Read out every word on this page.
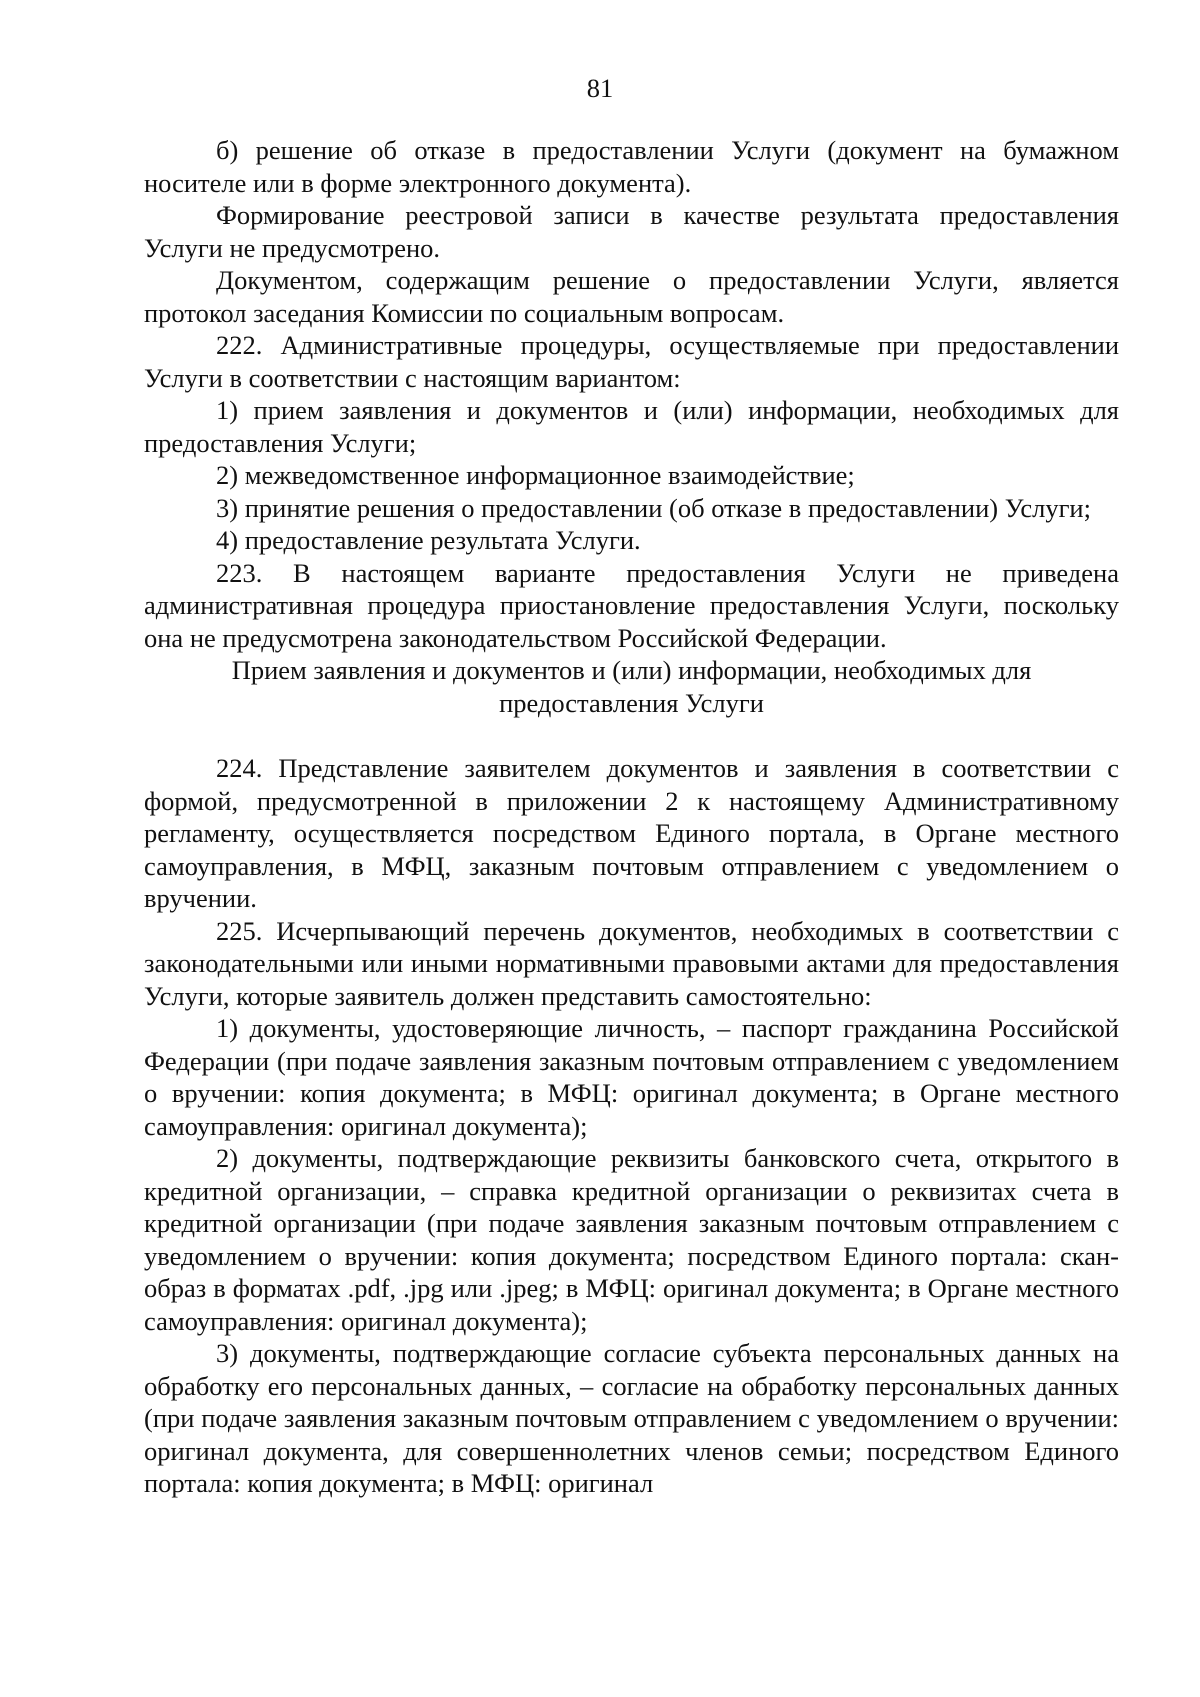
81

б) решение об отказе в предоставлении Услуги (документ на бумажном носителе или в форме электронного документа).

Формирование реестровой записи в качестве результата предоставления Услуги не предусмотрено.

Документом, содержащим решение о предоставлении Услуги, является протокол заседания Комиссии по социальным вопросам.

222. Административные процедуры, осуществляемые при предоставлении Услуги в соответствии с настоящим вариантом:

1) прием заявления и документов и (или) информации, необходимых для предоставления Услуги;

2) межведомственное информационное взаимодействие;

3) принятие решения о предоставлении (об отказе в предоставлении) Услуги;

4) предоставление результата Услуги.

223. В настоящем варианте предоставления Услуги не приведена административная процедура приостановление предоставления Услуги, поскольку она не предусмотрена законодательством Российской Федерации.

Прием заявления и документов и (или) информации, необходимых для
предоставления Услуги

224. Представление заявителем документов и заявления в соответствии с формой, предусмотренной в приложении 2 к настоящему Административному регламенту, осуществляется посредством Единого портала, в Органе местного самоуправления, в МФЦ, заказным почтовым отправлением с уведомлением о вручении.

225. Исчерпывающий перечень документов, необходимых в соответствии с законодательными или иными нормативными правовыми актами для предоставления Услуги, которые заявитель должен представить самостоятельно:

1) документы, удостоверяющие личность, – паспорт гражданина Российской Федерации (при подаче заявления заказным почтовым отправлением с уведомлением о вручении: копия документа; в МФЦ: оригинал документа; в Органе местного самоуправления: оригинал документа);

2) документы, подтверждающие реквизиты банковского счета, открытого в кредитной организации, – справка кредитной организации о реквизитах счета в кредитной организации (при подаче заявления заказным почтовым отправлением с уведомлением о вручении: копия документа; посредством Единого портала: скан-образ в форматах .pdf, .jpg или .jpeg; в МФЦ: оригинал документа; в Органе местного самоуправления: оригинал документа);

3) документы, подтверждающие согласие субъекта персональных данных на обработку его персональных данных, – согласие на обработку персональных данных (при подаче заявления заказным почтовым отправлением с уведомлением о вручении: оригинал документа, для совершеннолетних членов семьи; посредством Единого портала: копия документа; в МФЦ: оригинал
